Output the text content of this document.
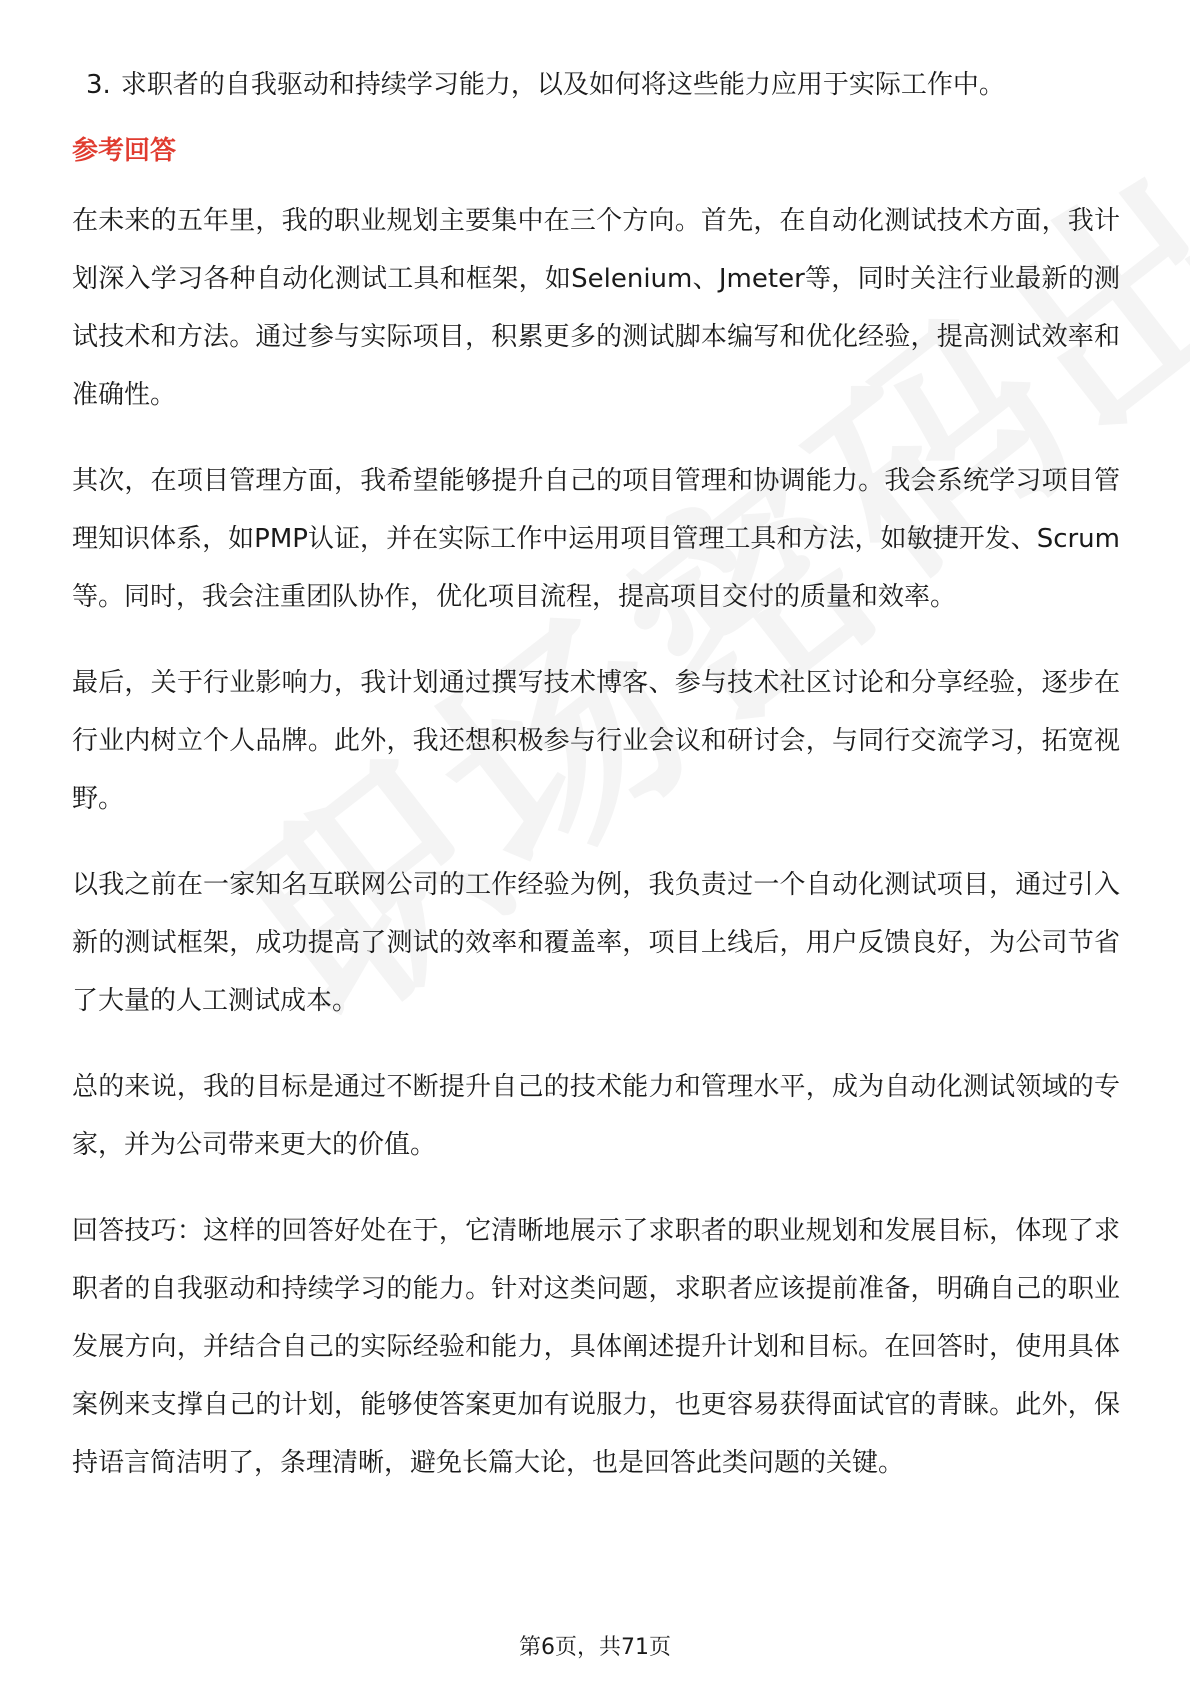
3. 求职者的自我驱动和持续学习能力，以及如何将这些能力应用于实际工作中。
参考回答

在未来的五年里，我的职业规划主要集中在三个方向。首先，在自动化测试技术方面，我计划深入学习各种自动化测试工具和框架，如Selenium、Jmeter等，同时关注行业最新的测试技术和方法。通过参与实际项目，积累更多的测试脚本编写和优化经验，提高测试效率和准确性。

其次，在项目管理方面，我希望能够提升自己的项目管理和协调能力。我会系统学习项目管理知识体系，如PMP认证，并在实际工作中运用项目管理工具和方法，如敏捷开发、Scrum等。同时，我会注重团队协作，优化项目流程，提高项目交付的质量和效率。

最后，关于行业影响力，我计划通过撰写技术博客、参与技术社区讨论和分享经验，逐步在行业内树立个人品牌。此外，我还想积极参与行业会议和研讨会，与同行交流学习，拓宽视野。

以我之前在一家知名互联网公司的工作经验为例，我负责过一个自动化测试项目，通过引入新的测试框架，成功提高了测试的效率和覆盖率，项目上线后，用户反馈良好，为公司节省了大量的人工测试成本。

总的来说，我的目标是通过不断提升自己的技术能力和管理水平，成为自动化测试领域的专家，并为公司带来更大的价值。

回答技巧：这样的回答好处在于，它清晰地展示了求职者的职业规划和发展目标，体现了求职者的自我驱动和持续学习的能力。针对这类问题，求职者应该提前准备，明确自己的职业发展方向，并结合自己的实际经验和能力，具体阐述提升计划和目标。在回答时，使用具体案例来支撑自己的计划，能够使答案更加有说服力，也更容易获得面试官的青睐。此外，保持语言简洁明了，条理清晰，避免长篇大论，也是回答此类问题的关键。

第6页，共71页
